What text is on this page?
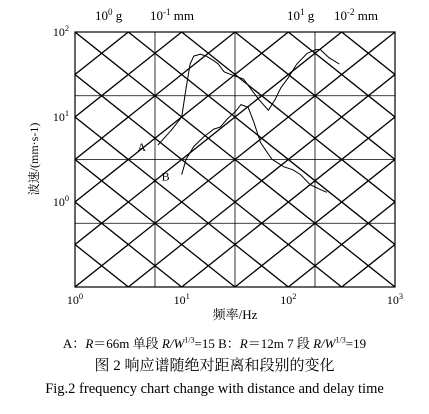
$10^0$	$10^1$	$10^2$	$10^3$
$10^0$
$10^1$
$10^2$
$10^0$ g $10^{-1}$ mm	$10^1$ g $10^{-2}$ mm
A
B
频率/Hz
波速/(mm·s-1)
A：R＝66m 单段 $R/W^{1/3}=15$ B：R＝12m 7 段 $R/W^{1/3}=19$
图 2 响应谱随绝对距离和段别的变化
Fig.2 frequency chart change with distance and delay time
